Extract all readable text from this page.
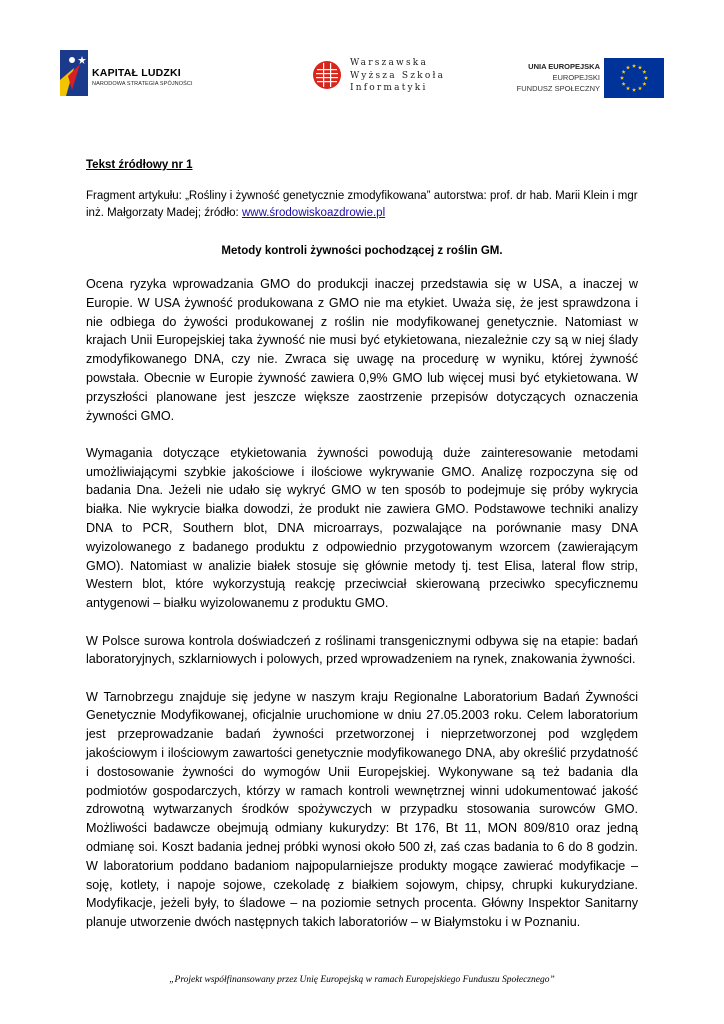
KAPITAŁ LUDZKI
NARODOWA STRATEGIA SPÓJNOŚCI
Warszawska
Wyższa Szkoła
Informatyki
UNIA EUROPEJSKA
EUROPEJSKI
FUNDUSZ SPOŁECZNY

Tekst źródłowy nr 1

Fragment artykułu: „Rośliny i żywność genetycznie zmodyfikowana” autorstwa: prof. dr hab. Marii Klein i mgr inż. Małgorzaty Madej; źródło: www.środowiskoazdrowie.pl

Metody kontroli żywności pochodzącej z roślin GM.

Ocena ryzyka wprowadzania GMO do produkcji inaczej przedstawia się w USA, a inaczej w Europie. W USA żywność produkowana z GMO nie ma etykiet. Uważa się, że jest sprawdzona i nie odbiega do żywości produkowanej z roślin nie modyfikowanej genetycznie. Natomiast w krajach Unii Europejskiej taka żywność nie musi być etykietowana, niezależnie czy są w niej ślady zmodyfikowanego DNA, czy nie. Zwraca się uwagę na procedurę w wyniku, której żywność powstała. Obecnie w Europie żywność zawiera 0,9% GMO lub więcej musi być etykietowana. W przyszłości planowane jest jeszcze większe zaostrzenie przepisów dotyczących oznaczenia żywności GMO.

Wymagania dotyczące etykietowania żywności powodują duże zainteresowanie metodami umożliwiającymi szybkie jakościowe i ilościowe wykrywanie GMO. Analizę rozpoczyna się od badania Dna. Jeżeli nie udało się wykryć GMO w ten sposób to podejmuje się próby wykrycia białka. Nie wykrycie białka dowodzi, że produkt nie zawiera GMO. Podstawowe techniki analizy DNA to PCR, Southern blot, DNA microarrays, pozwalające na porównanie masy DNA wyizolowanego z badanego produktu z odpowiednio przygotowanym wzorcem (zawierającym GMO). Natomiast w analizie białek stosuje się głównie metody tj. test Elisa, lateral flow strip, Western blot, które wykorzystują reakcję przeciwciał skierowaną przeciwko specyficznemu antygenowi – białku wyizolowanemu z produktu GMO.

W Polsce surowa kontrola doświadczeń z roślinami transgenicznymi odbywa się na etapie: badań laboratoryjnych, szklarniowych i polowych, przed wprowadzeniem na rynek, znakowania żywności.

W Tarnobrzegu znajduje się jedyne w naszym kraju Regionalne Laboratorium Badań Żywności Genetycznie Modyfikowanej, oficjalnie uruchomione w dniu 27.05.2003 roku. Celem laboratorium jest przeprowadzanie badań żywności przetworzonej i nieprzetworzonej pod względem jakościowym i ilościowym zawartości genetycznie modyfikowanego DNA, aby określić przydatność i dostosowanie żywności do wymogów Unii Europejskiej. Wykonywane są też badania dla podmiotów gospodarczych, którzy w ramach kontroli wewnętrznej winni udokumentować jakość zdrowotną wytwarzanych środków spożywczych w przypadku stosowania surowców GMO. Możliwości badawcze obejmują odmiany kukurydzy: Bt 176, Bt 11, MON 809/810 oraz jedną odmianę soi. Koszt badania jednej próbki wynosi około 500 zł, zaś czas badania to 6 do 8 godzin. W laboratorium poddano badaniom najpopularniejsze produkty mogące zawierać modyfikacje – soję, kotlety, i napoje sojowe, czekoladę z białkiem sojowym, chipsy, chrupki kukurydziane. Modyfikacje, jeżeli były, to śladowe – na poziomie setnych procenta. Główny Inspektor Sanitarny planuje utworzenie dwóch następnych takich laboratoriów – w Białymstoku i w Poznaniu.

„Projekt współfinansowany przez Unię Europejską w ramach Europejskiego Funduszu Społecznego”
